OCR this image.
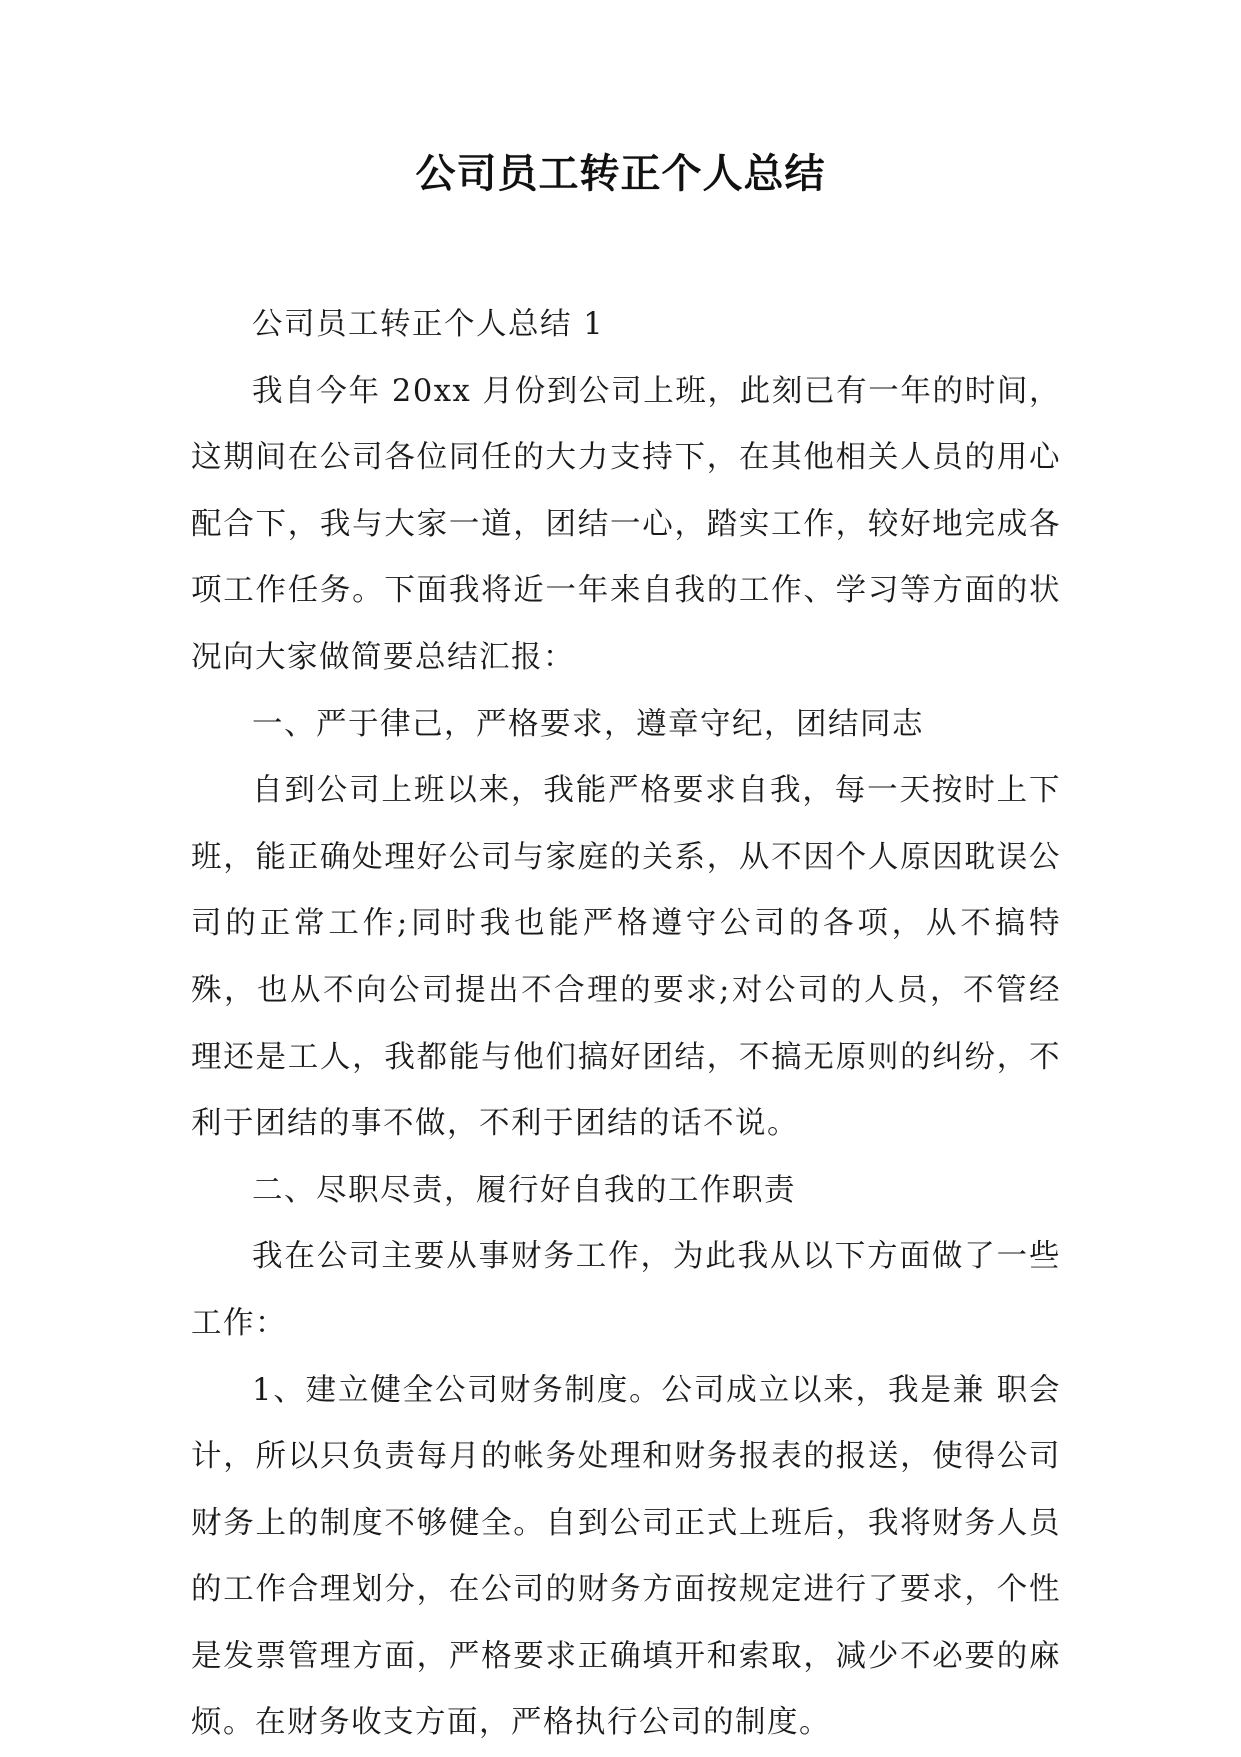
公司员工转正个人总结

公司员工转正个人总结 1

我自今年 20xx 月份到公司上班，此刻已有一年的时间，这期间在公司各位同任的大力支持下，在其他相关人员的用心配合下，我与大家一道，团结一心，踏实工作，较好地完成各项工作任务。下面我将近一年来自我的工作、学习等方面的状况向大家做简要总结汇报：

一、严于律己，严格要求，遵章守纪，团结同志

自到公司上班以来，我能严格要求自我，每一天按时上下班，能正确处理好公司与家庭的关系，从不因个人原因耽误公司的正常工作;同时我也能严格遵守公司的各项，从不搞特殊，也从不向公司提出不合理的要求;对公司的人员，不管经理还是工人，我都能与他们搞好团结，不搞无原则的纠纷，不利于团结的事不做，不利于团结的话不说。

二、尽职尽责，履行好自我的工作职责

我在公司主要从事财务工作，为此我从以下方面做了一些工作：

1、建立健全公司财务制度。公司成立以来，我是兼 职会计，所以只负责每月的帐务处理和财务报表的报送，使得公司财务上的制度不够健全。自到公司正式上班后，我将财务人员的工作合理划分，在公司的财务方面按规定进行了要求，个性是发票管理方面，严格要求正确填开和索取，减少不必要的麻烦。在财务收支方面，严格执行公司的制度。
